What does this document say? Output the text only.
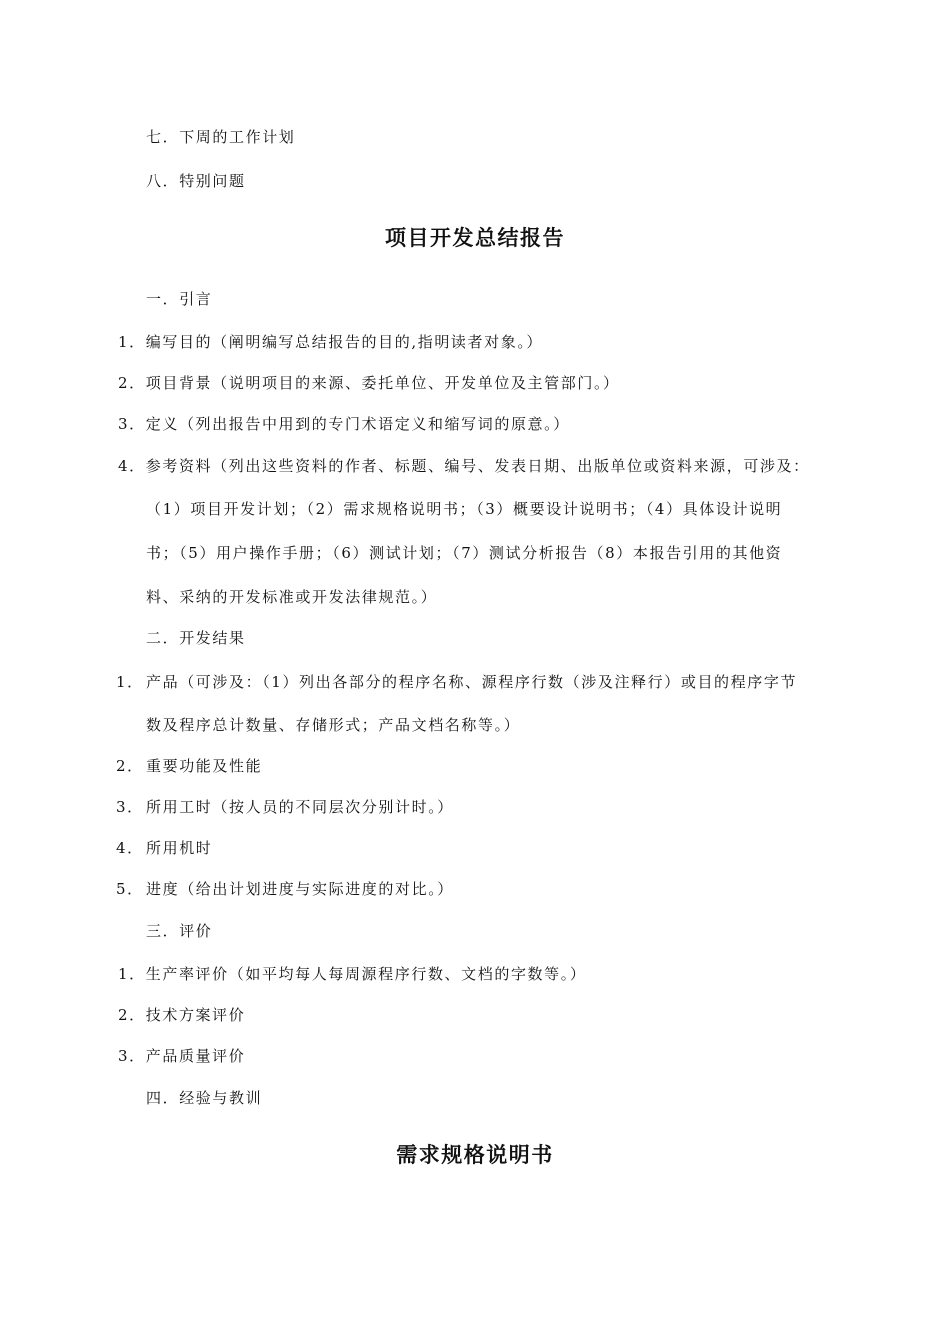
七．下周的工作计划
八．特别问题
项目开发总结报告
一．引言
1．编写目的（阐明编写总结报告的目的,指明读者对象。）
2．项目背景（说明项目的来源、委托单位、开发单位及主管部门。）
3．定义（列出报告中用到的专门术语定义和缩写词的原意。）
4．参考资料（列出这些资料的作者、标题、编号、发表日期、出版单位或资料来源，可涉及：
（1）项目开发计划；（2）需求规格说明书；（3）概要设计说明书；（4）具体设计说明
书；（5）用户操作手册；（6）测试计划；（7）测试分析报告（8）本报告引用的其他资
料、采纳的开发标准或开发法律规范。）
二．开发结果
1． 产品（可涉及：（1）列出各部分的程序名称、源程序行数（涉及注释行）或目的程序字节
数及程序总计数量、存储形式；产品文档名称等。）
2． 重要功能及性能
3． 所用工时（按人员的不同层次分别计时。）
4． 所用机时
5． 进度（给出计划进度与实际进度的对比。）
三．评价
1．生产率评价（如平均每人每周源程序行数、文档的字数等。）
2．技术方案评价
3．产品质量评价
四．经验与教训
需求规格说明书
